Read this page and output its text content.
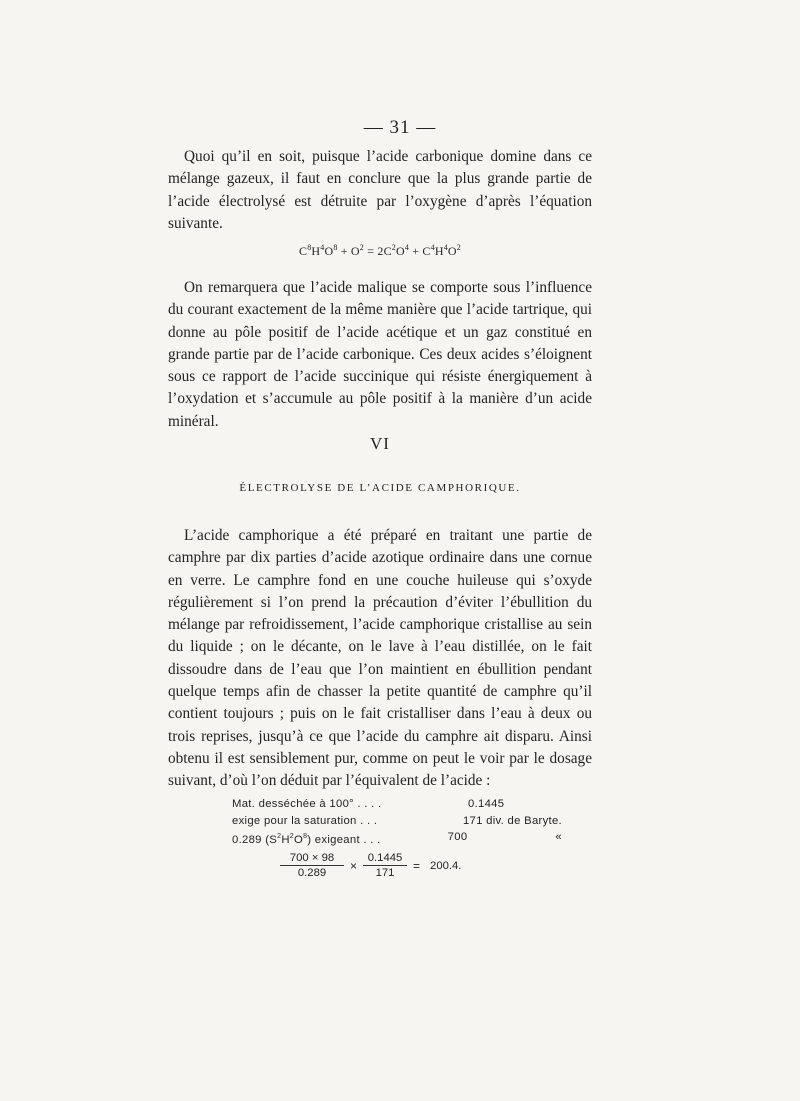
— 31 —

Quoi qu’il en soit, puisque l’acide carbonique domine dans ce mélange gazeux, il faut en conclure que la plus grande partie de l’acide électrolysé est détruite par l’oxygène d’après l’équation suivante.

$C^8H^4O^8 + O^2 = 2C^2O^4 + C^4H^4O^2$

On remarquera que l’acide malique se comporte sous l’influence du courant exactement de la même manière que l’acide tartrique, qui donne au pôle positif de l’acide acétique et un gaz constitué en grande partie par de l’acide carbonique. Ces deux acides s’éloignent sous ce rapport de l’acide succinique qui résiste énergiquement à l’oxydation et s’accumule au pôle positif à la manière d’un acide minéral.

VI
ÉLECTROLYSE DE L’ACIDE CAMPHORIQUE.

L’acide camphorique a été préparé en traitant une partie de camphre par dix parties d’acide azotique ordinaire dans une cornue en verre. Le camphre fond en une couche huileuse qui s’oxyde régulièrement si l’on prend la précaution d’éviter l’ébullition du mélange par refroidissement, l’acide camphorique cristallise au sein du liquide ; on le décante, on le lave à l’eau distillée, on le fait dissoudre dans de l’eau que l’on maintient en ébullition pendant quelque temps afin de chasser la petite quantité de camphre qu’il contient toujours ; puis on le fait cristalliser dans l’eau à deux ou trois reprises, jusqu’à ce que l’acide du camphre ait disparu. Ainsi obtenu il est sensiblement pur, comme on peut le voir par le dosage suivant, d’où l’on déduit par l’équivalent de l’acide :

Mat. desséchée à 100° . . . .	0.1445
exige pour la saturation . . .	171 div. de Baryte.
0.289 $(S^2H^2O^8)$ exigeant . . .	700	«
$\frac{700 \times 98}{0.289} \times \frac{0.1445}{171} = 200.4$.
